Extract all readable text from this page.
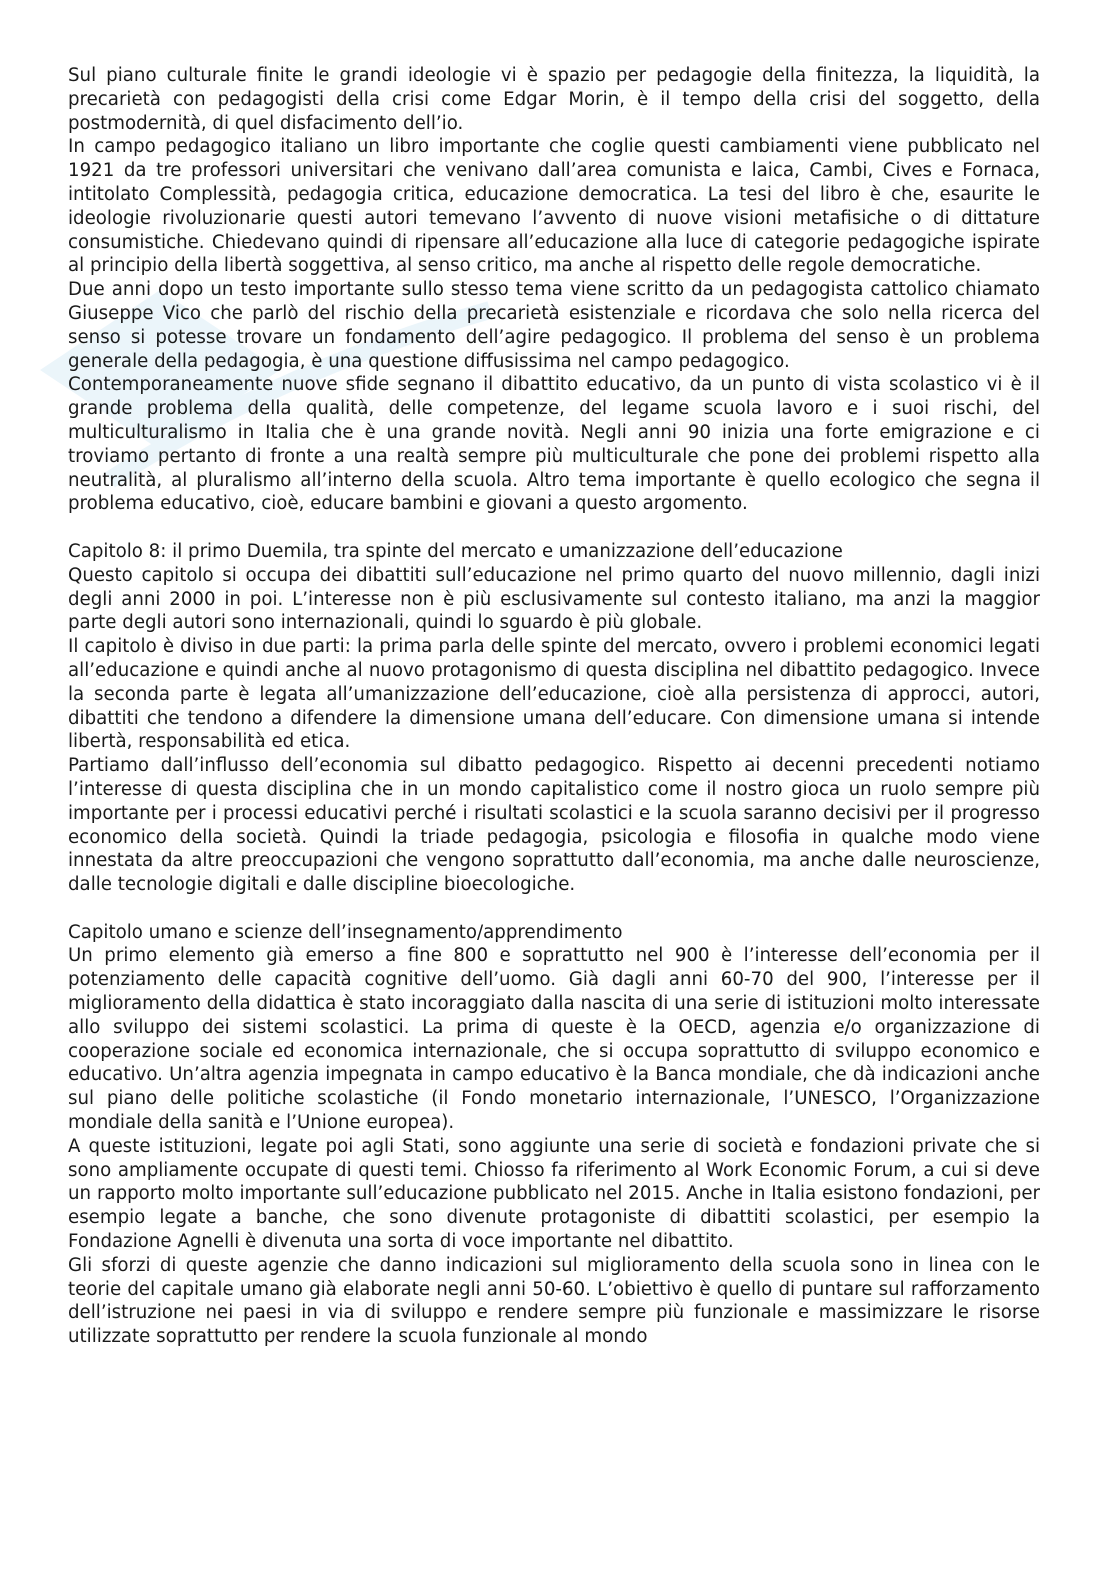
Sul piano culturale finite le grandi ideologie vi è spazio per pedagogie della finitezza, la liquidità, la precarietà con pedagogisti della crisi come Edgar Morin, è il tempo della crisi del soggetto, della postmodernità, di quel disfacimento dell’io.

In campo pedagogico italiano un libro importante che coglie questi cambiamenti viene pubblicato nel 1921 da tre professori universitari che venivano dall’area comunista e laica, Cambi, Cives e Fornaca, intitolato Complessità, pedagogia critica, educazione democratica. La tesi del libro è che, esaurite le ideologie rivoluzionarie questi autori temevano l’avvento di nuove visioni metafisiche o di dittature consumistiche. Chiedevano quindi di ripensare all’educazione alla luce di categorie pedagogiche ispirate al principio della libertà soggettiva, al senso critico, ma anche al rispetto delle regole democratiche.

Due anni dopo un testo importante sullo stesso tema viene scritto da un pedagogista cattolico chiamato Giuseppe Vico che parlò del rischio della precarietà esistenziale e ricordava che solo nella ricerca del senso si potesse trovare un fondamento dell’agire pedagogico. Il problema del senso è un problema generale della pedagogia, è una questione diffusissima nel campo pedagogico.

Contemporaneamente nuove sfide segnano il dibattito educativo, da un punto di vista scolastico vi è il grande problema della qualità, delle competenze, del legame scuola lavoro e i suoi rischi, del multiculturalismo in Italia che è una grande novità. Negli anni 90 inizia una forte emigrazione e ci troviamo pertanto di fronte a una realtà sempre più multiculturale che pone dei problemi rispetto alla neutralità, al pluralismo all’interno della scuola. Altro tema importante è quello ecologico che segna il problema educativo, cioè, educare bambini e giovani a questo argomento.

Capitolo 8: il primo Duemila, tra spinte del mercato e umanizzazione dell’educazione

Questo capitolo si occupa dei dibattiti sull’educazione nel primo quarto del nuovo millennio, dagli inizi degli anni 2000 in poi. L’interesse non è più esclusivamente sul contesto italiano, ma anzi la maggior parte degli autori sono internazionali, quindi lo sguardo è più globale.

Il capitolo è diviso in due parti: la prima parla delle spinte del mercato, ovvero i problemi economici legati all’educazione e quindi anche al nuovo protagonismo di questa disciplina nel dibattito pedagogico. Invece la seconda parte è legata all’umanizzazione dell’educazione, cioè alla persistenza di approcci, autori, dibattiti che tendono a difendere la dimensione umana dell’educare. Con dimensione umana si intende libertà, responsabilità ed etica.

Partiamo dall’influsso dell’economia sul dibatto pedagogico. Rispetto ai decenni precedenti notiamo l’interesse di questa disciplina che in un mondo capitalistico come il nostro gioca un ruolo sempre più importante per i processi educativi perché i risultati scolastici e la scuola saranno decisivi per il progresso economico della società. Quindi la triade pedagogia, psicologia e filosofia in qualche modo viene innestata da altre preoccupazioni che vengono soprattutto dall’economia, ma anche dalle neuroscienze, dalle tecnologie digitali e dalle discipline bioecologiche.

Capitolo umano e scienze dell’insegnamento/apprendimento

Un primo elemento già emerso a fine 800 e soprattutto nel 900 è l’interesse dell’economia per il potenziamento delle capacità cognitive dell’uomo. Già dagli anni 60-70 del 900, l’interesse per il miglioramento della didattica è stato incoraggiato dalla nascita di una serie di istituzioni molto interessate allo sviluppo dei sistemi scolastici. La prima di queste è la OECD, agenzia e/o organizzazione di cooperazione sociale ed economica internazionale, che si occupa soprattutto di sviluppo economico e educativo. Un’altra agenzia impegnata in campo educativo è la Banca mondiale, che dà indicazioni anche sul piano delle politiche scolastiche (il Fondo monetario internazionale, l’UNESCO, l’Organizzazione mondiale della sanità e l’Unione europea).

A queste istituzioni, legate poi agli Stati, sono aggiunte una serie di società e fondazioni private che si sono ampliamente occupate di questi temi. Chiosso fa riferimento al Work Economic Forum, a cui si deve un rapporto molto importante sull’educazione pubblicato nel 2015. Anche in Italia esistono fondazioni, per esempio legate a banche, che sono divenute protagoniste di dibattiti scolastici, per esempio la Fondazione Agnelli è divenuta una sorta di voce importante nel dibattito.

Gli sforzi di queste agenzie che danno indicazioni sul miglioramento della scuola sono in linea con le teorie del capitale umano già elaborate negli anni 50-60. L’obiettivo è quello di puntare sul rafforzamento dell’istruzione nei paesi in via di sviluppo e rendere sempre più funzionale e massimizzare le risorse utilizzate soprattutto per rendere la scuola funzionale al mondo
